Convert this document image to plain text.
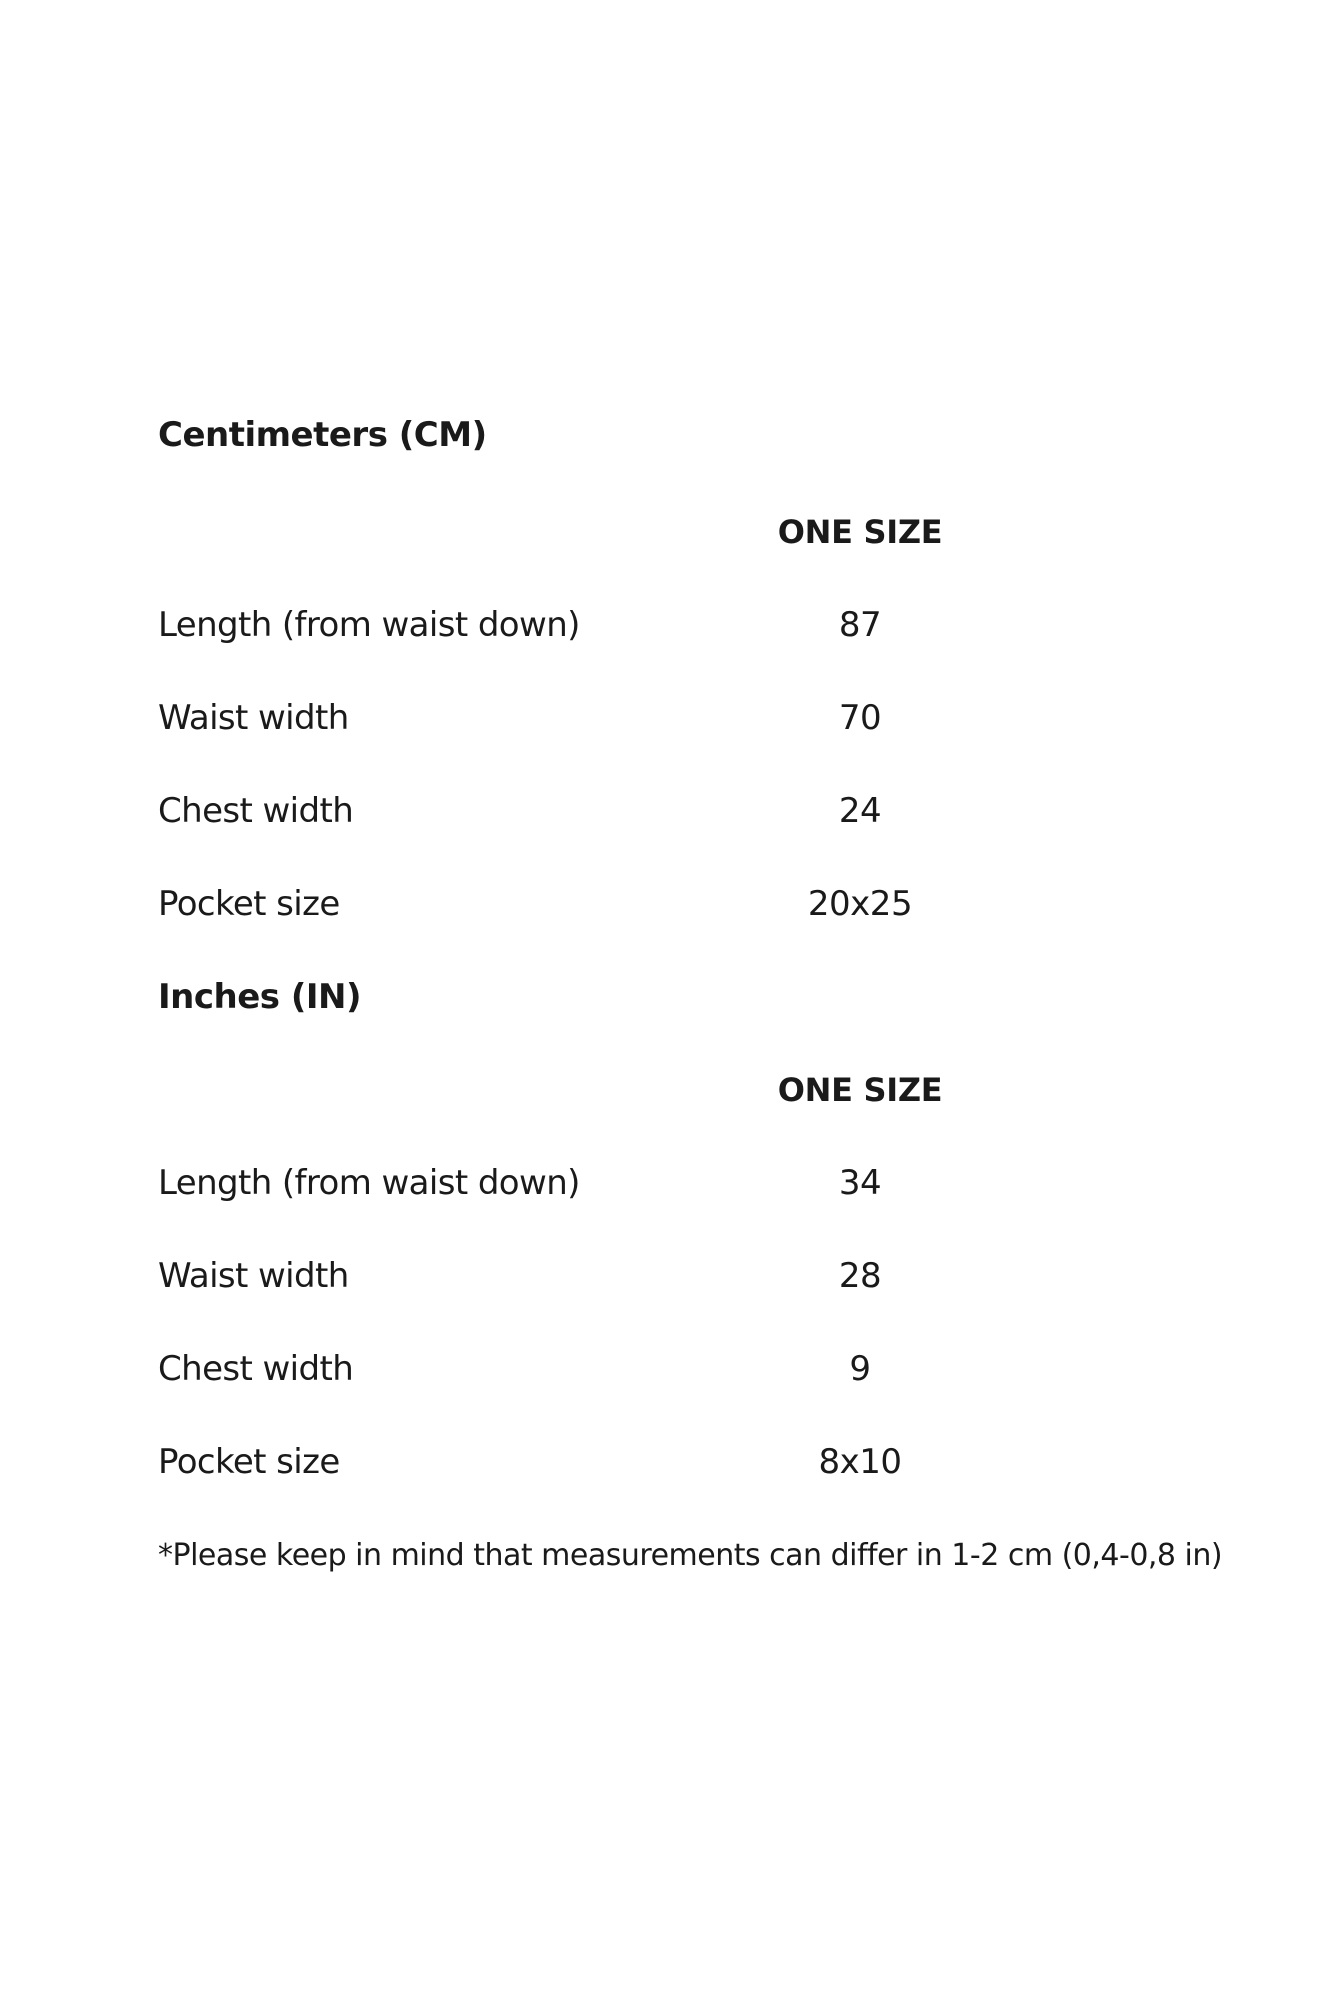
Centimeters (CM)
ONE SIZE
Length (from waist down)	87
Waist width	70
Chest width	24
Pocket size	20x25
Inches (IN)
ONE SIZE
Length (from waist down)	34
Waist width	28
Chest width	9
Pocket size	8x10
*Please keep in mind that measurements can differ in 1-2 cm (0,4-0,8 in)
